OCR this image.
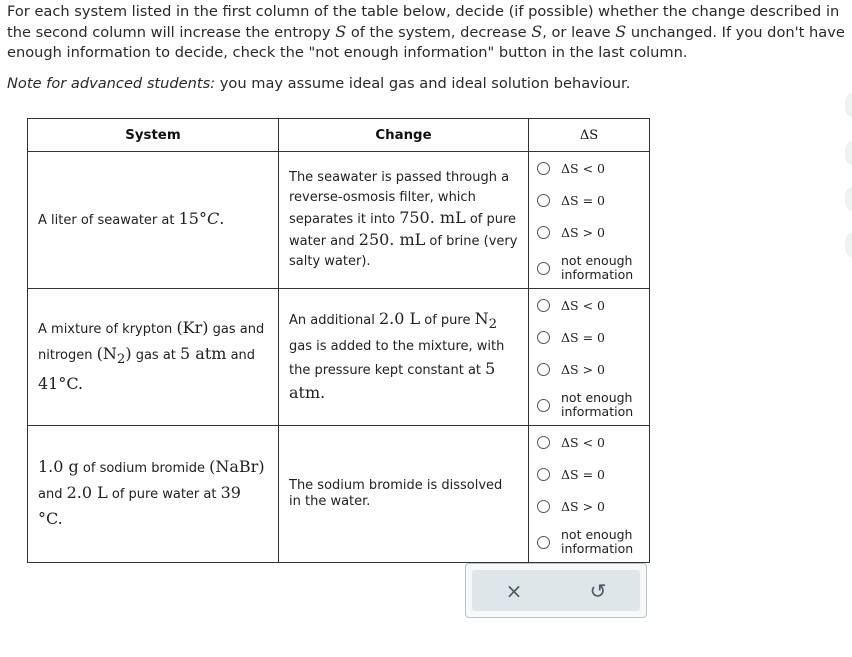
For each system listed in the first column of the table below, decide (if possible) whether the change described in the second column will increase the entropy S of the system, decrease S, or leave S unchanged. If you don't have enough information to decide, check the "not enough information" button in the last column.
Note for advanced students: you may assume ideal gas and ideal solution behaviour.
System	Change	ΔS
A liter of seawater at 15°C.	The seawater is passed through a reverse-osmosis filter, which separates it into 750. mL of pure water and 250. mL of brine (very salty water).	ΔS < 0
ΔS = 0
ΔS > 0
not enough information

A mixture of krypton (Kr) gas and nitrogen $(N_2)$ gas at 5 atm and 41°C.	An additional 2.0 L of pure $N_2$ gas is added to the mixture, with the pressure kept constant at 5 atm.	ΔS < 0
ΔS = 0
ΔS > 0
not enough information

1.0 g of sodium bromide (NaBr) and 2.0 L of pure water at 39 °C.	The sodium bromide is dissolved in the water.	ΔS < 0
ΔS = 0
ΔS > 0
not enough information
×	↺
